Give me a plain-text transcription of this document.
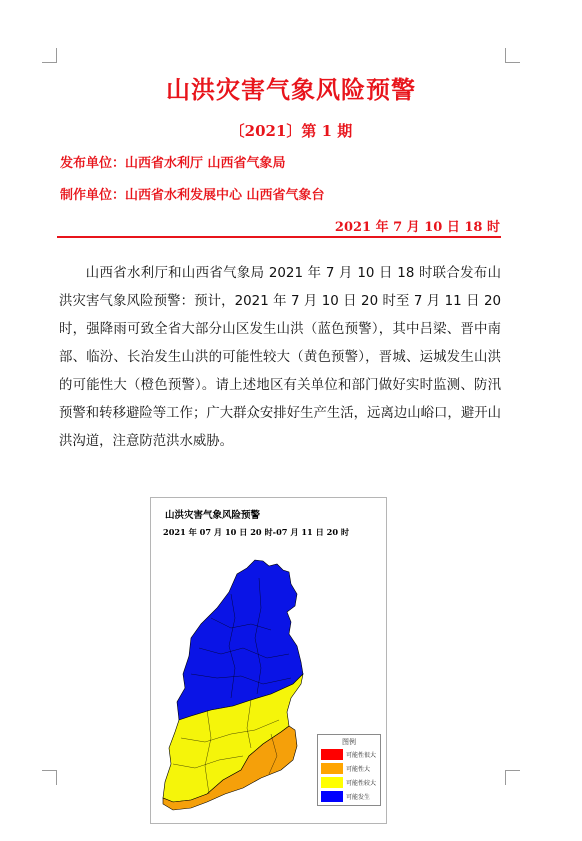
山洪灾害气象风险预警
〔2021〕第 1 期
发布单位：山西省水利厅 山西省气象局
制作单位：山西省水利发展中心 山西省气象台
2021 年 7 月 10 日 18 时
山西省水利厅和山西省气象局 2021 年 7 月 10 日 18 时联合发布山洪灾害气象风险预警：预计，2021 年 7 月 10 日 20 时至 7 月 11 日 20 时，强降雨可致全省大部分山区发生山洪（蓝色预警），其中吕梁、晋中南部、临汾、长治发生山洪的可能性较大（黄色预警），晋城、运城发生山洪的可能性大（橙色预警）。请上述地区有关单位和部门做好实时监测、防汛预警和转移避险等工作；广大群众安排好生产生活，远离边山峪口，避开山洪沟道，注意防范洪水威胁。
山洪灾害气象风险预警
2021 年 07 月 10 日 20 时-07 月 11 日 20 时
图例
可能性很大
可能性大
可能性较大
可能发生
